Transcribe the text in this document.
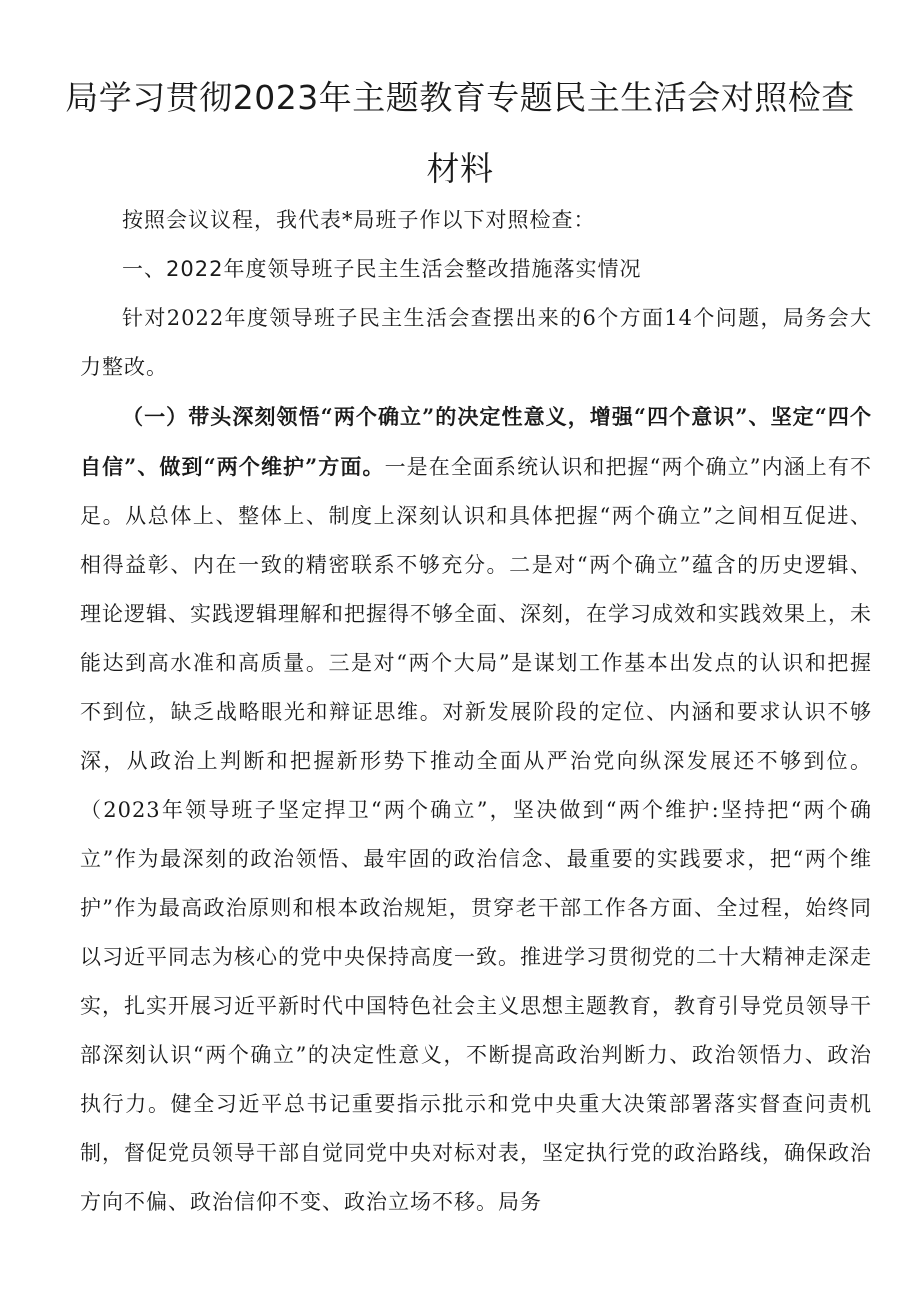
局学习贯彻2023年主题教育专题民主生活会对照检查
材料

按照会议议程，我代表*局班子作以下对照检查：

一、2022年度领导班子民主生活会整改措施落实情况

针对2022年度领导班子民主生活会查摆出来的6个方面14个问题，局务会大力整改。

（一）带头深刻领悟“两个确立”的决定性意义，增强“四个意识”、坚定“四个自信”、做到“两个维护”方面。一是在全面系统认识和把握“两个确立”内涵上有不足。从总体上、整体上、制度上深刻认识和具体把握“两个确立”之间相互促进、相得益彰、内在一致的精密联系不够充分。二是对“两个确立”蕴含的历史逻辑、理论逻辑、实践逻辑理解和把握得不够全面、深刻，在学习成效和实践效果上，未能达到高水准和高质量。三是对“两个大局”是谋划工作基本出发点的认识和把握不到位，缺乏战略眼光和辩证思维。对新发展阶段的定位、内涵和要求认识不够深，从政治上判断和把握新形势下推动全面从严治党向纵深发展还不够到位。（2023年领导班子坚定捍卫“两个确立”，坚决做到“两个维护:坚持把“两个确立”作为最深刻的政治领悟、最牢固的政治信念、最重要的实践要求，把“两个维护”作为最高政治原则和根本政治规矩，贯穿老干部工作各方面、全过程，始终同以习近平同志为核心的党中央保持高度一致。推进学习贯彻党的二十大精神走深走实，扎实开展习近平新时代中国特色社会主义思想主题教育，教育引导党员领导干部深刻认识“两个确立”的决定性意义，不断提高政治判断力、政治领悟力、政治执行力。健全习近平总书记重要指示批示和党中央重大决策部署落实督查问责机制，督促党员领导干部自觉同党中央对标对表，坚定执行党的政治路线，确保政治方向不偏、政治信仰不变、政治立场不移。局务
